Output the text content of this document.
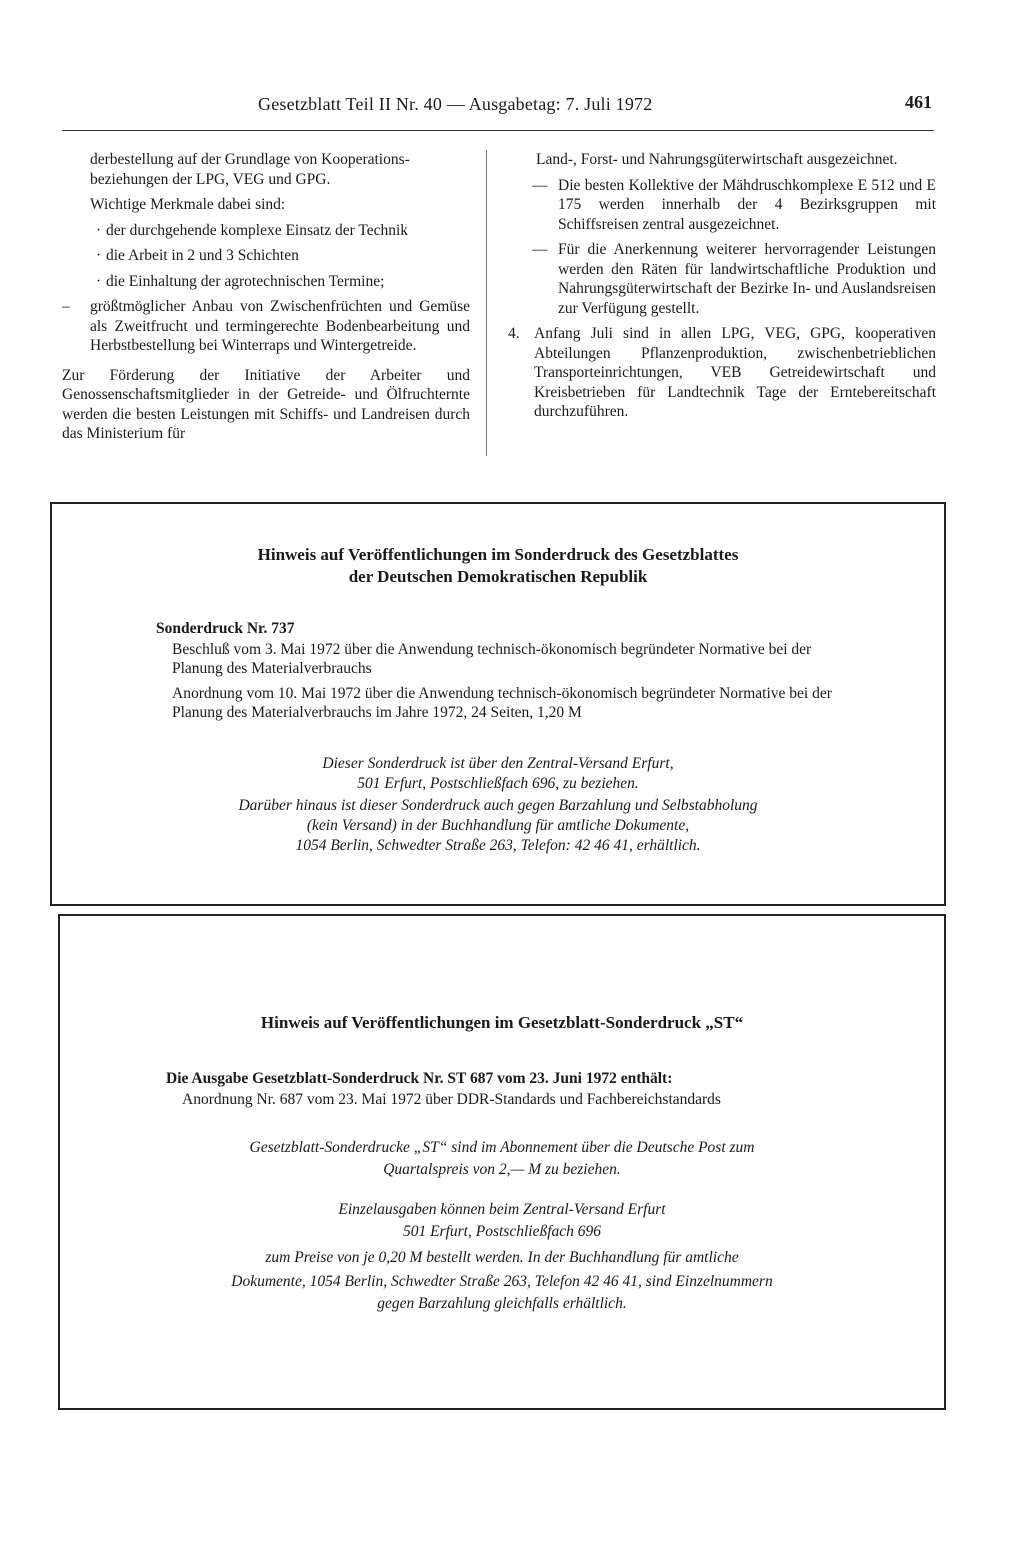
Gesetzblatt Teil II Nr. 40 — Ausgabetag: 7. Juli 1972	461
derbestellung auf der Grundlage von Kooperations-
beziehungen der LPG, VEG und GPG.
Wichtige Merkmale dabei sind:
· der durchgehende komplexe Einsatz der Technik
· die Arbeit in 2 und 3 Schichten
· die Einhaltung der agrotechnischen Termine;
– größtmöglicher Anbau von Zwischenfrüchten und Gemüse als Zweitfrucht und termingerechte Bodenbearbeitung und Herbstbestellung bei Winterraps und Wintergetreide.
Zur Förderung der Initiative der Arbeiter und Genossenschaftsmitglieder in der Getreide- und Ölfruchternte werden die besten Leistungen mit Schiffs- und Landreisen durch das Ministerium für
Land-, Forst- und Nahrungsgüterwirtschaft ausgezeichnet.
— Die besten Kollektive der Mähdruschkomplexe E 512 und E 175 werden innerhalb der 4 Bezirksgruppen mit Schiffsreisen zentral ausgezeichnet.
— Für die Anerkennung weiterer hervorragender Leistungen werden den Räten für landwirtschaftliche Produktion und Nahrungsgüterwirtschaft der Bezirke In- und Auslandsreisen zur Verfügung gestellt.
4. Anfang Juli sind in allen LPG, VEG, GPG, kooperativen Abteilungen Pflanzenproduktion, zwischenbetrieblichen Transporteinrichtungen, VEB Getreidewirtschaft und Kreisbetrieben für Landtechnik Tage der Erntebereitschaft durchzuführen.
Hinweis auf Veröffentlichungen im Sonderdruck des Gesetzblattes
der Deutschen Demokratischen Republik
Sonderdruck Nr. 737
Beschluß vom 3. Mai 1972 über die Anwendung technisch-ökonomisch begründeter Normative bei der Planung des Materialverbrauchs
Anordnung vom 10. Mai 1972 über die Anwendung technisch-ökonomisch begründeter Normative bei der Planung des Materialverbrauchs im Jahre 1972, 24 Seiten, 1,20 M
Dieser Sonderdruck ist über den Zentral-Versand Erfurt,
501 Erfurt, Postschließfach 696, zu beziehen.
Darüber hinaus ist dieser Sonderdruck auch gegen Barzahlung und Selbstabholung
(kein Versand) in der Buchhandlung für amtliche Dokumente,
1054 Berlin, Schwedter Straße 263, Telefon: 42 46 41, erhältlich.
Hinweis auf Veröffentlichungen im Gesetzblatt-Sonderdruck „ST“
Die Ausgabe Gesetzblatt-Sonderdruck Nr. ST 687 vom 23. Juni 1972 enthält:
Anordnung Nr. 687 vom 23. Mai 1972 über DDR-Standards und Fachbereichstandards
Gesetzblatt-Sonderdrucke „ST“ sind im Abonnement über die Deutsche Post zum
Quartalspreis von 2,— M zu beziehen.
Einzelausgaben können beim Zentral-Versand Erfurt
501 Erfurt, Postschließfach 696
zum Preise von je 0,20 M bestellt werden. In der Buchhandlung für amtliche
Dokumente, 1054 Berlin, Schwedter Straße 263, Telefon 42 46 41, sind Einzelnummern
gegen Barzahlung gleichfalls erhältlich.
